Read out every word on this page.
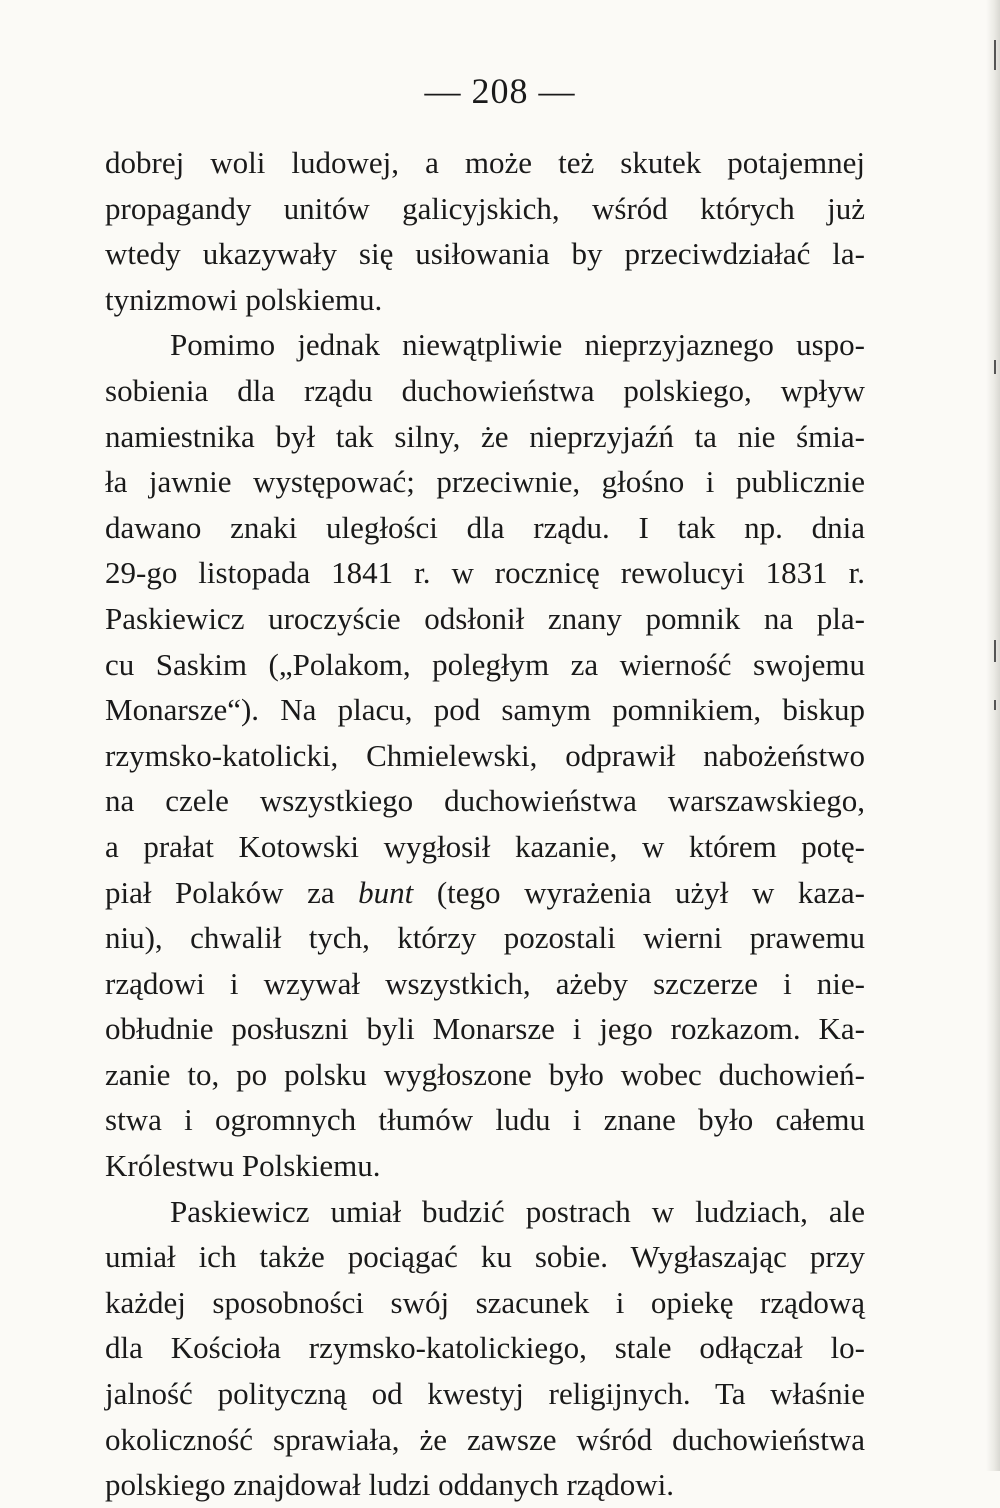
— 208 —
dobrej woli ludowej, a może też skutek potajemnej
propagandy unitów galicyjskich, wśród których już
wtedy ukazywały się usiłowania by przeciwdziałać la-
tynizmowi polskiemu.
Pomimo jednak niewątpliwie nieprzyjaznego uspo-
sobienia dla rządu duchowieństwa polskiego, wpływ
namiestnika był tak silny, że nieprzyjaźń ta nie śmia-
ła jawnie występować; przeciwnie, głośno i publicznie
dawano znaki uległości dla rządu. I tak np. dnia
29-go listopada 1841 r. w rocznicę rewolucyi 1831 r.
Paskiewicz uroczyście odsłonił znany pomnik na pla-
cu Saskim („Polakom, poległym za wierność swojemu
Monarsze“). Na placu, pod samym pomnikiem, biskup
rzymsko-katolicki, Chmielewski, odprawił nabożeństwo
na czele wszystkiego duchowieństwa warszawskiego,
a prałat Kotowski wygłosił kazanie, w którem potę-
piał Polaków za bunt (tego wyrażenia użył w kaza-
niu), chwalił tych, którzy pozostali wierni prawemu
rządowi i wzywał wszystkich, ażeby szczerze i nie-
obłudnie posłuszni byli Monarsze i jego rozkazom. Ka-
zanie to, po polsku wygłoszone było wobec duchowień-
stwa i ogromnych tłumów ludu i znane było całemu
Królestwu Polskiemu.
Paskiewicz umiał budzić postrach w ludziach, ale
umiał ich także pociągać ku sobie. Wygłaszając przy
każdej sposobności swój szacunek i opiekę rządową
dla Kościoła rzymsko-katolickiego, stale odłączał lo-
jalność polityczną od kwestyj religijnych. Ta właśnie
okoliczność sprawiała, że zawsze wśród duchowieństwa
polskiego znajdował ludzi oddanych rządowi.
